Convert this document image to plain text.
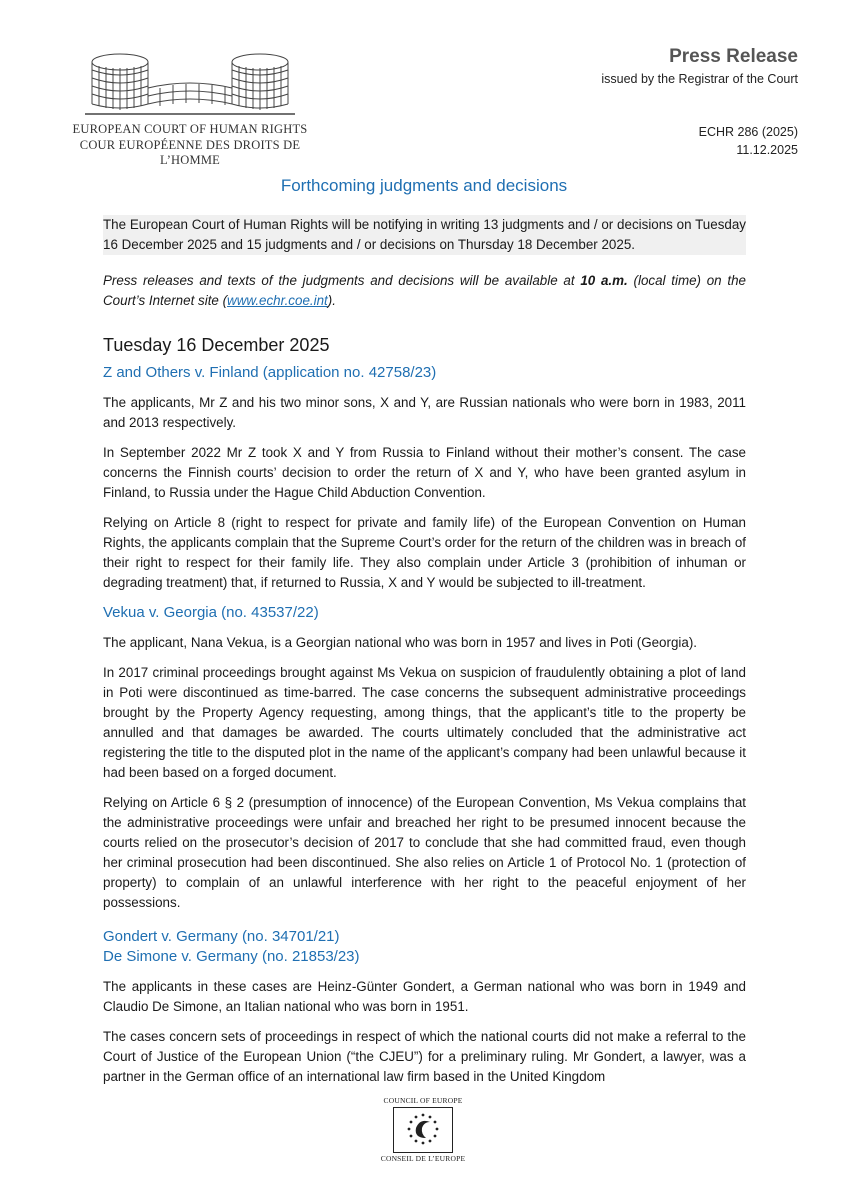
EUROPEAN COURT OF HUMAN RIGHTS
COUR EUROPÉENNE DES DROITS DE L’HOMME
Press Release
issued by the Registrar of the Court
ECHR 286 (2025)
11.12.2025
Forthcoming judgments and decisions

The European Court of Human Rights will be notifying in writing 13 judgments and / or decisions on Tuesday 16 December 2025 and 15 judgments and / or decisions on Thursday 18 December 2025.

Press releases and texts of the judgments and decisions will be available at 10 a.m. (local time) on the Court’s Internet site (www.echr.coe.int).

Tuesday 16 December 2025
Z and Others v. Finland (application no. 42758/23)

The applicants, Mr Z and his two minor sons, X and Y, are Russian nationals who were born in 1983, 2011 and 2013 respectively.

In September 2022 Mr Z took X and Y from Russia to Finland without their mother’s consent. The case concerns the Finnish courts’ decision to order the return of X and Y, who have been granted asylum in Finland, to Russia under the Hague Child Abduction Convention.

Relying on Article 8 (right to respect for private and family life) of the European Convention on Human Rights, the applicants complain that the Supreme Court’s order for the return of the children was in breach of their right to respect for their family life. They also complain under Article 3 (prohibition of inhuman or degrading treatment) that, if returned to Russia, X and Y would be subjected to ill-treatment.

Vekua v. Georgia (no. 43537/22)

The applicant, Nana Vekua, is a Georgian national who was born in 1957 and lives in Poti (Georgia).

In 2017 criminal proceedings brought against Ms Vekua on suspicion of fraudulently obtaining a plot of land in Poti were discontinued as time-barred. The case concerns the subsequent administrative proceedings brought by the Property Agency requesting, among things, that the applicant’s title to the property be annulled and that damages be awarded. The courts ultimately concluded that the administrative act registering the title to the disputed plot in the name of the applicant’s company had been unlawful because it had been based on a forged document.

Relying on Article 6 § 2 (presumption of innocence) of the European Convention, Ms Vekua complains that the administrative proceedings were unfair and breached her right to be presumed innocent because the courts relied on the prosecutor’s decision of 2017 to conclude that she had committed fraud, even though her criminal prosecution had been discontinued. She also relies on Article 1 of Protocol No. 1 (protection of property) to complain of an unlawful interference with her right to the peaceful enjoyment of her possessions.

Gondert v. Germany (no. 34701/21)
De Simone v. Germany (no. 21853/23)

The applicants in these cases are Heinz-Günter Gondert, a German national who was born in 1949 and Claudio De Simone, an Italian national who was born in 1951.

The cases concern sets of proceedings in respect of which the national courts did not make a referral to the Court of Justice of the European Union (“the CJEU”) for a preliminary ruling. Mr Gondert, a lawyer, was a partner in the German office of an international law firm based in the United Kingdom

COUNCIL OF EUROPE
CONSEIL DE L’EUROPE
